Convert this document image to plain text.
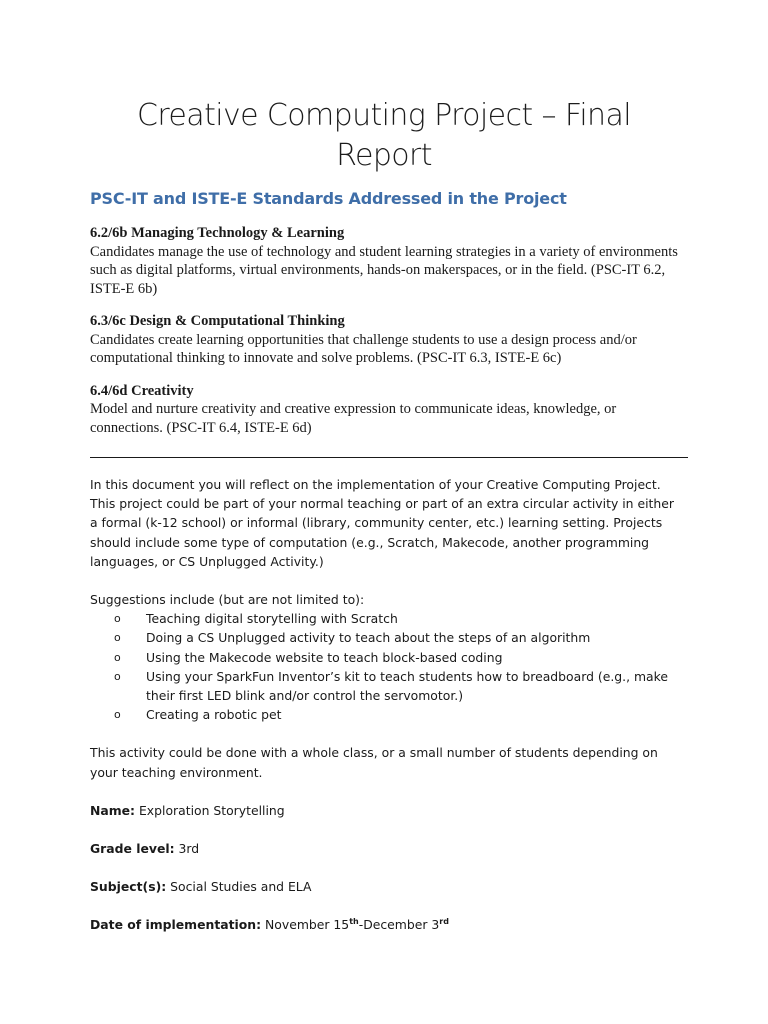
Creative Computing Project – Final Report
PSC-IT and ISTE-E Standards Addressed in the Project
6.2/6b Managing Technology & Learning
Candidates manage the use of technology and student learning strategies in a variety of environments such as digital platforms, virtual environments, hands-on makerspaces, or in the field. (PSC-IT 6.2, ISTE-E 6b)
6.3/6c Design & Computational Thinking
Candidates create learning opportunities that challenge students to use a design process and/or computational thinking to innovate and solve problems. (PSC-IT 6.3, ISTE-E 6c)
6.4/6d Creativity
Model and nurture creativity and creative expression to communicate ideas, knowledge, or connections. (PSC-IT 6.4, ISTE-E 6d)

In this document you will reflect on the implementation of your Creative Computing Project. This project could be part of your normal teaching or part of an extra circular activity in either a formal (k-12 school) or informal (library, community center, etc.) learning setting. Projects should include some type of computation (e.g., Scratch, Makecode, another programming languages, or CS Unplugged Activity.)

Suggestions include (but are not limited to):

o Teaching digital storytelling with Scratch
o Doing a CS Unplugged activity to teach about the steps of an algorithm
o Using the Makecode website to teach block-based coding
o Using your SparkFun Inventor’s kit to teach students how to breadboard (e.g., make their first LED blink and/or control the servomotor.)
o Creating a robotic pet

This activity could be done with a whole class, or a small number of students depending on your teaching environment.

Name: Exploration Storytelling

Grade level: 3rd

Subject(s): Social Studies and ELA

Date of implementation: November 15th-December 3rd
